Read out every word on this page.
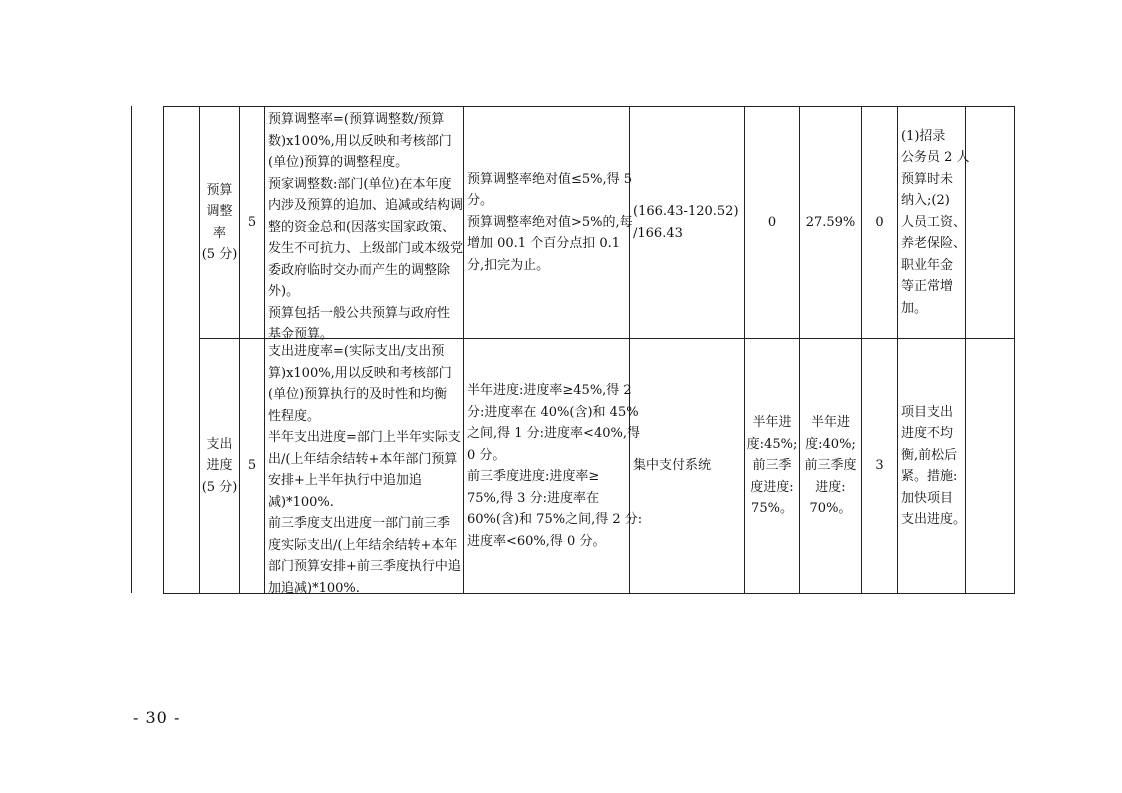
预算
调整
率
(5 分)
5
预算调整率=(预算调整数/预算
数)x100%,用以反映和考核部门
(单位)预算的调整程度。
预家调整数:部门(单位)在本年度
内涉及预算的追加、追减或结构调
整的资金总和(因落实国家政策、
发生不可抗力、上级部门或本级党
委政府临时交办而产生的调整除
外)。
预算包括一般公共预算与政府性
基金预算。
预算调整率绝对值≤5%,得 5
分。
预算调整率绝对值>5%的,每
增加 00.1 个百分点扣 0.1
分,扣完为止。
(166.43-120.52)
/166.43
0 27.59% 0
(1)招录
公务员 2 人
预算时未
纳入;(2)
人员工资、
养老保险、
职业年金
等正常增
加。
支出
进度
(5 分)
5
支出进度率=(实际支出/支出预
算)x100%,用以反映和考核部门
(单位)预算执行的及时性和均衡
性程度。
半年支出进度=部门上半年实际支
出/(上年结余结转+本年部门预算
安排+上半年执行中追加追
减)*100%.
前三季度支出进度一部门前三季
度实际支出/(上年结余结转+本年
部门预算安排+前三季度执行中追
加追减)*100%.
半年进度:进度率≥45%,得 2
分:进度率在 40%(含)和 45%
之间,得 1 分:进度率<40%,得
0 分。
前三季度进度:进度率≥
75%,得 3 分:进度率在
60%(含)和 75%之间,得 2 分:
进度率<60%,得 0 分。
集中支付系统
半年进
度:45%;
前三季
度进度:
75%。
半年进
度:40%;
前三季度
进度:
70%。
3
项目支出
进度不均
衡,前松后
紧。措施:
加快项目
支出进度。
- 30 -
